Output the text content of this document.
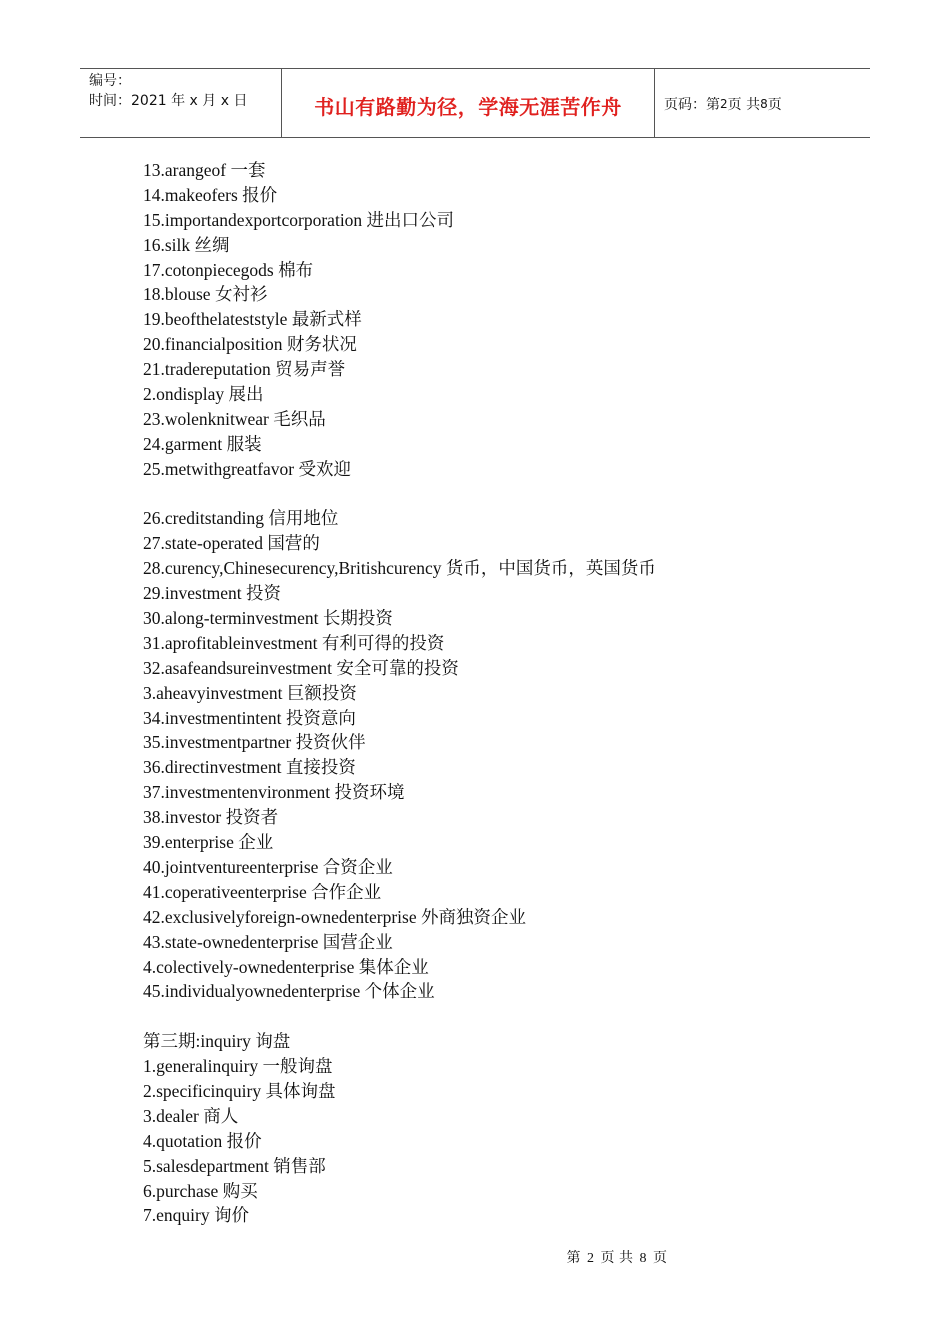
编号：
时间：2021 年 x 月 x 日	书山有路勤为径，学海无涯苦作舟	页码：第 2 页 共 8 页
13.arangeof 一套
14.makeofers 报价
15.importandexportcorporation 进出口公司
16.silk 丝绸
17.cotonpiecegods 棉布
18.blouse 女衬衫
19.beofthelateststyle 最新式样
20.financialposition 财务状况
21.tradereputation 贸易声誉
2.ondisplay 展出
23.wolenknitwear 毛织品
24.garment 服装
25.metwithgreatfavor 受欢迎
26.creditstanding 信用地位
27.state-operated 国营的
28.curency,Chinesecurency,Britishcurency 货币，中国货币，英国货币
29.investment 投资
30.along-terminvestment 长期投资
31.aprofitableinvestment 有利可得的投资
32.asafeandsureinvestment 安全可靠的投资
3.aheavyinvestment 巨额投资
34.investmentintent 投资意向
35.investmentpartner 投资伙伴
36.directinvestment 直接投资
37.investmentenvironment 投资环境
38.investor 投资者
39.enterprise 企业
40.jointventureenterprise 合资企业
41.coperativeenterprise 合作企业
42.exclusivelyforeign-ownedenterprise 外商独资企业
43.state-ownedenterprise 国营企业
4.colectively-ownedenterprise 集体企业
45.individualyownedenterprise 个体企业
第三期:inquiry 询盘
1.generalinquiry 一般询盘
2.specificinquiry 具体询盘
3.dealer 商人
4.quotation 报价
5.salesdepartment 销售部
6.purchase 购买
7.enquiry 询价
第 2 页 共 8 页
